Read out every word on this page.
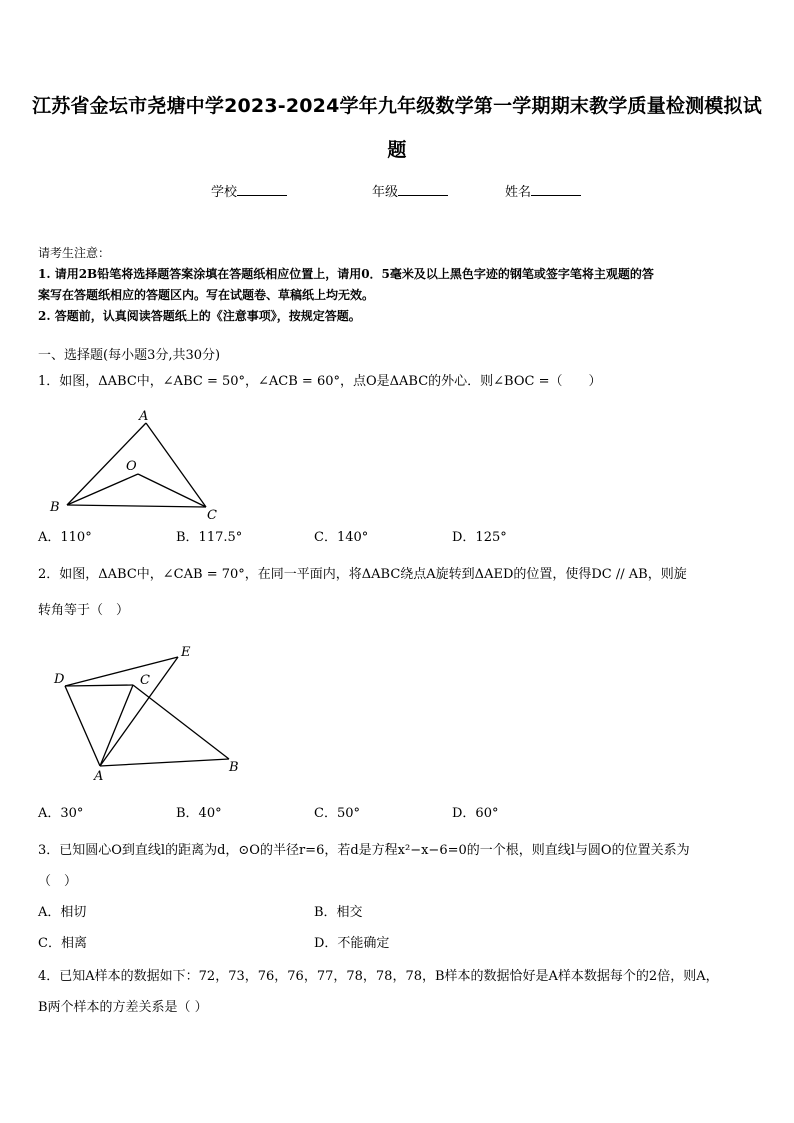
江苏省金坛市尧塘中学2023-2024学年九年级数学第一学期期末教学质量检测模拟试
题
学校	年级	姓名
请考生注意：
1. 请用2B铅笔将选择题答案涂填在答题纸相应位置上，请用0．5毫米及以上黑色字迹的钢笔或签字笔将主观题的答
案写在答题纸相应的答题区内。写在试题卷、草稿纸上均无效。
2. 答题前，认真阅读答题纸上的《注意事项》，按规定答题。
一、选择题(每小题3分,共30分)
1．如图，ΔABC中，∠ABC = 50°，∠ACB = 60°，点O是ΔABC的外心．则∠BOC =（　　）
A
O
B
C
A．110°	B．117.5°	C．140°	D．125°
2．如图，ΔABC中，∠CAB = 70°，在同一平面内，将ΔABC绕点A旋转到ΔAED的位置，使得DC // AB，则旋
转角等于（　）
D	C
E
A
B
A．30°	B．40°	C．50°	D．60°
3．已知圆心O到直线l的距离为d，⊙O的半径r=6，若d是方程x²−x−6=0的一个根，则直线l与圆O的位置关系为
（　）
A．相切	B．相交
C．相离	D．不能确定
4．已知A样本的数据如下：72，73，76，76，77，78，78，78，B样本的数据恰好是A样本数据每个的2倍，则A，
B两个样本的方差关系是（ ）
